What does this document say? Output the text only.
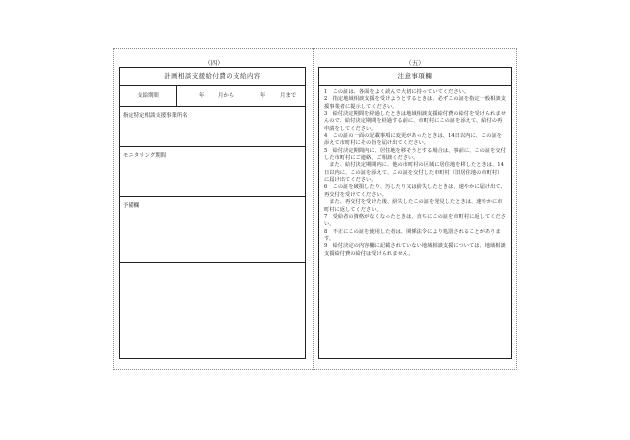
（四）
計画相談支援給付費の支給内容
支給期間	年	月から	年	月まで
指定特定相談支援事業所名
モニタリング期間
予備欄
（五）
注意事項欄

1　この証は、各面をよく読んで大切に持っていてください。

2　指定地域相談支援を受けようとするときは、必ずこの証を指定一般相談支援事業者に提示してください。

3　給付決定期間を経過したときは地域相談支援給付費の給付を受けられませんので、給付決定期間を経過する前に、市町村にこの証を添えて、給付の再申請をしてください。

4　この証の一面の記載事項に変更があったときは、14日以内に、この証を添えて市町村にその旨を届け出てください。

5　給付決定期間内に、居住地を移そうとする場合は、事前に、この証を交付した市町村にご連絡、ご相談ください。

　また、給付決定期間内に、他の市町村の区域に居住地を移したときは、14日以内に、この証を添えて、この証を交付した市町村（旧居住地の市町村）に届け出てください。

6　この証を破損したり、汚したり又は紛失したときは、速やかに届け出て、再交付を受けてください。

　また、再交付を受けた後、紛失したこの証を発見したときは、速やかに市町村に返してください。

7　受給者の資格がなくなったときは、直ちにこの証を市町村に返してください。

8　不正にこの証を使用した者は、関係法令により処罰されることがあります。

9　給付決定の内容欄に記載されていない地域相談支援については、地域相談支援給付費の給付は受けられません。
